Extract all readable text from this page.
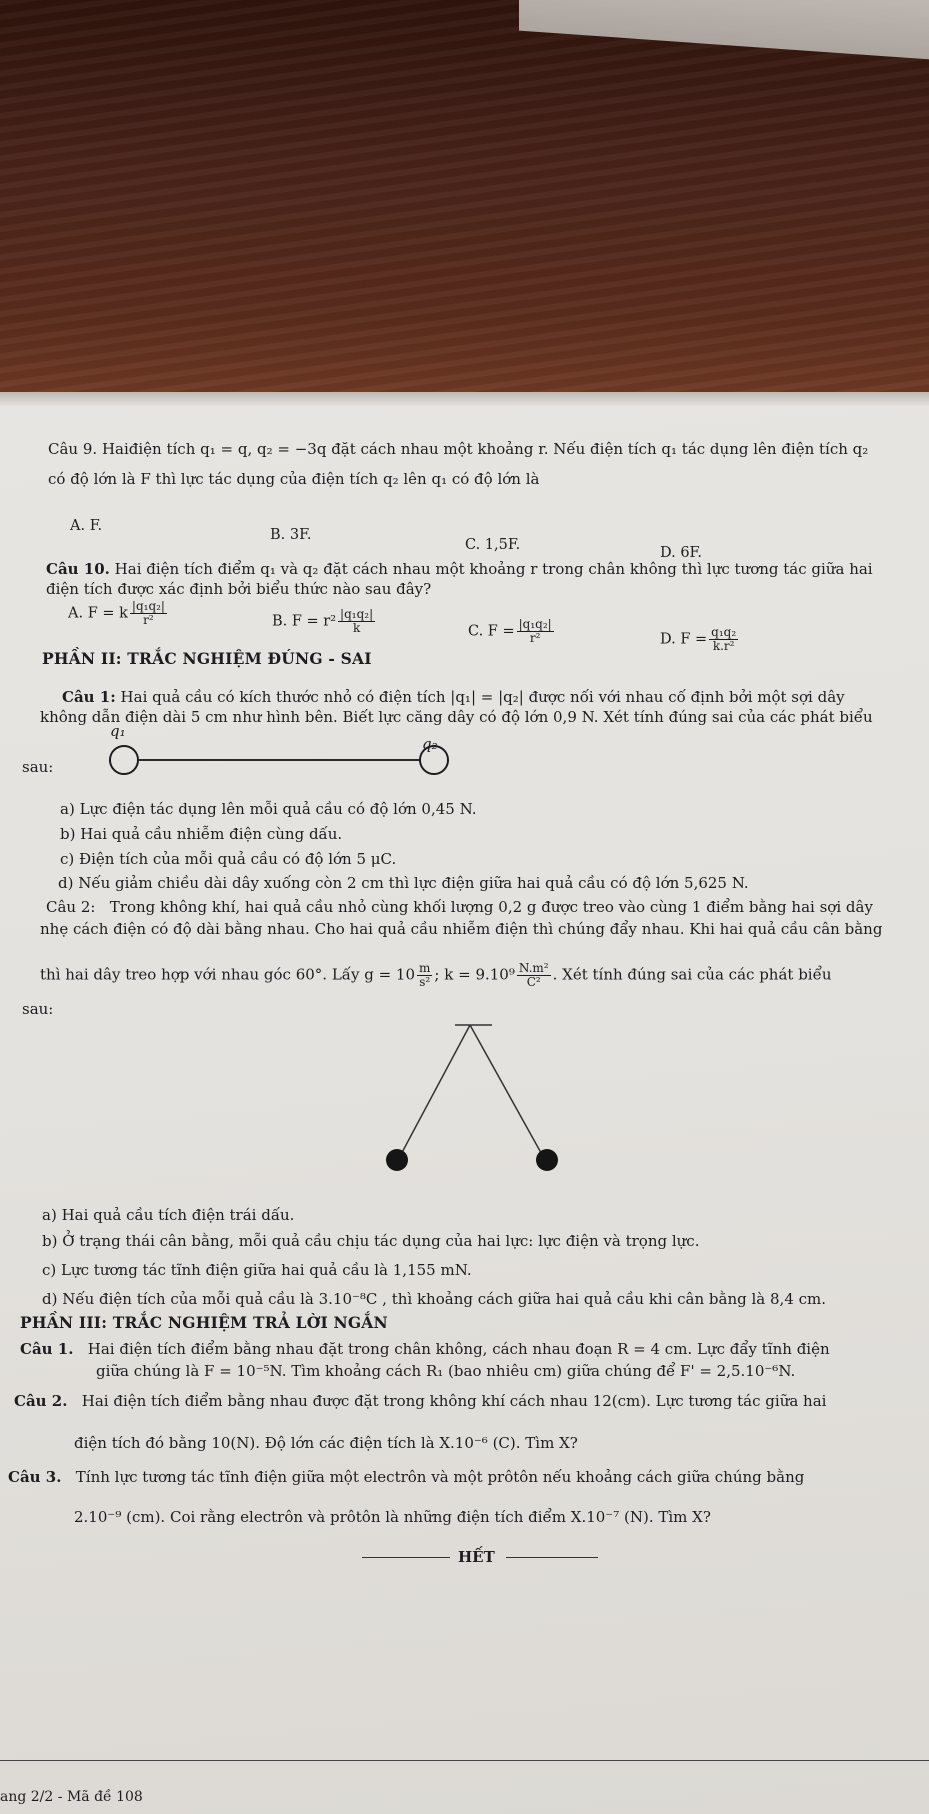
Câu 9. Haiđiện tích q₁ = q, q₂ = −3q đặt cách nhau một khoảng r. Nếu điện tích q₁ tác dụng lên điện tích q₂
có độ lớn là F thì lực tác dụng của điện tích q₂ lên q₁ có độ lớn là
A. F.
B. 3F.
C. 1,5F.	D. 6F.
Câu 10. Hai điện tích điểm q₁ và q₂ đặt cách nhau một khoảng r trong chân không thì lực tương tác giữa hai
điện tích được xác định bởi biểu thức nào sau đây?
A. F = k $\frac{\text{|q₁q₂|}}{\text{r²}}$	B. $F = r^2 \frac{\text{|q₁q₂|}}{k}$	C. $F = \frac{\text{|q₁q₂|}}{\text{r²}}$	D. $F = \frac{\text{q₁q₂}}{\text{k.r²}}$
PHẦN II: TRẮC NGHIỆM ĐÚNG - SAI
Câu 1: Hai quả cầu có kích thước nhỏ có điện tích |q₁| = |q₂| được nối với nhau cố định bởi một sợi dây
không dẫn điện dài 5 cm như hình bên. Biết lực căng dây có độ lớn 0,9 N. Xét tính đúng sai của các phát biểu
q₁
q₂
sau:
a) Lực điện tác dụng lên mỗi quả cầu có độ lớn 0,45 N.
b) Hai quả cầu nhiễm điện cùng dấu.
c) Điện tích của mỗi quả cầu có độ lớn 5 μC.
d) Nếu giảm chiều dài dây xuống còn 2 cm thì lực điện giữa hai quả cầu có độ lớn 5,625 N.
Câu 2: Trong không khí, hai quả cầu nhỏ cùng khối lượng 0,2 g được treo vào cùng 1 điểm bằng hai sợi dây
nhẹ cách điện có độ dài bằng nhau. Cho hai quả cầu nhiễm điện thì chúng đẩy nhau. Khi hai quả cầu cân bằng
thì hai dây treo hợp với nhau góc 60°. Lấy $g = 10 \frac{m}{\text{s²}}$ ; $k = 9.10^9 \frac{\text{N.m²}}{\text{C²}}$ . Xét tính đúng sai của các phát biểu
sau:
a) Hai quả cầu tích điện trái dấu.
b) Ở trạng thái cân bằng, mỗi quả cầu chịu tác dụng của hai lực: lực điện và trọng lực.
c) Lực tương tác tĩnh điện giữa hai quả cầu là 1,155 mN.
d) Nếu điện tích của mỗi quả cầu là 3.10⁻⁸C , thì khoảng cách giữa hai quả cầu khi cân bằng là 8,4 cm.
PHẦN III: TRẮC NGHIỆM TRẢ LỜI NGẮN
Câu 1. Hai điện tích điểm bằng nhau đặt trong chân không, cách nhau đoạn R = 4 cm. Lực đẩy tĩnh điện
giữa chúng là F = 10⁻⁵N. Tìm khoảng cách R₁ (bao nhiêu cm) giữa chúng để F' = 2,5.10⁻⁶N.
Câu 2. Hai điện tích điểm bằng nhau được đặt trong không khí cách nhau 12(cm). Lực tương tác giữa hai
điện tích đó bằng 10(N). Độ lớn các điện tích là X.10⁻⁶ (C). Tìm X?
Câu 3. Tính lực tương tác tĩnh điện giữa một electrôn và một prôtôn nếu khoảng cách giữa chúng bằng
2.10⁻⁹ (cm). Coi rằng electrôn và prôtôn là những điện tích điểm X.10⁻⁷ (N). Tìm X?
HẾT
ang 2/2 - Mã đề 108
